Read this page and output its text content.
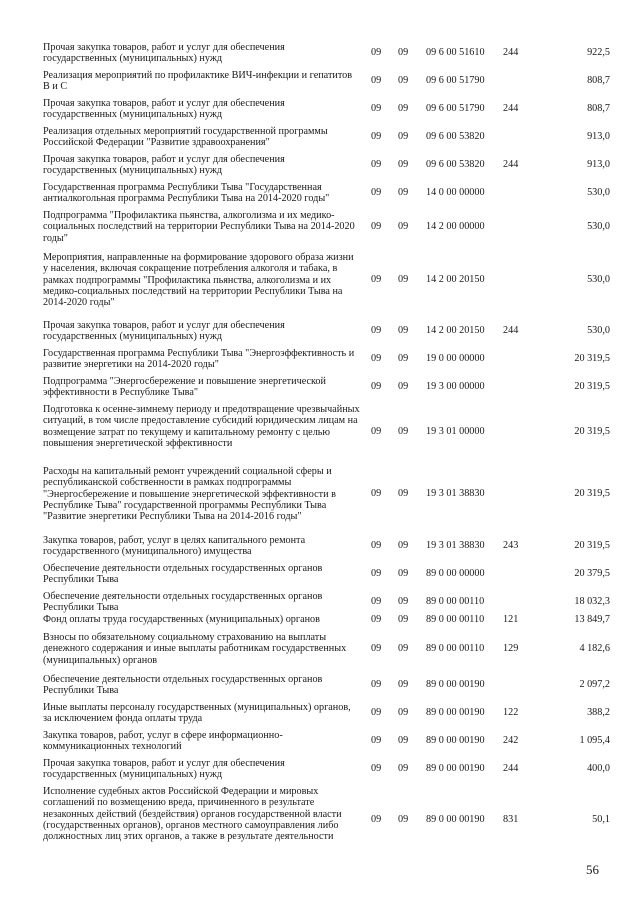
Прочая закупка товаров, работ и услуг для обеспечения государственных (муниципальных) нужд
09 09 09 6 00 51610 244	922,5
Реализация мероприятий по профилактике ВИЧ-инфекции и гепатитов В и С
09 09 09 6 00 51790	808,7
Прочая закупка товаров, работ и услуг для обеспечения государственных (муниципальных) нужд
09 09 09 6 00 51790 244	808,7
Реализация отдельных мероприятий государственной программы Российской Федерации "Развитие здравоохранения"
09 09 09 6 00 53820	913,0
Прочая закупка товаров, работ и услуг для обеспечения государственных (муниципальных) нужд
09 09 09 6 00 53820 244	913,0
Государственная программа Республики Тыва "Государственная антиалкогольная программа Республики Тыва на 2014-2020 годы"
09 09 14 0 00 00000	530,0
Подпрограмма "Профилактика пьянства, алкоголизма и их медико-социальных последствий на территории Республики Тыва на 2014-2020 годы"
09 09 14 2 00 00000	530,0
Мероприятия, направленные на формирование здорового образа жизни у населения, включая сокращение потребления алкоголя и табака, в рамках подпрограммы "Профилактика пьянства, алкоголизма и их медико-социальных последствий на территории Республики Тыва на 2014-2020 годы"
09 09 14 2 00 20150	530,0
Прочая закупка товаров, работ и услуг для обеспечения государственных (муниципальных) нужд
09 09 14 2 00 20150 244	530,0
Государственная программа Республики Тыва "Энергоэффективность и развитие энергетики на 2014-2020 годы"
09 09 19 0 00 00000	20 319,5
Подпрограмма "Энергосбережение и повышение энергетической эффективности в Республике Тыва"
09 09 19 3 00 00000	20 319,5
Подготовка к осенне-зимнему периоду и предотвращение чрезвычайных ситуаций, в том числе предоставление субсидий юридическим лицам на возмещение затрат по текущему и капитальному ремонту с целью повышения энергетической эффективности
09 09 19 3 01 00000	20 319,5
Расходы на капитальный ремонт учреждений социальной сферы и республиканской собственности в рамках подпрограммы "Энергосбережение и повышение энергетической эффективности в Республике Тыва" государственной программы Республики Тыва "Развитие энергетики Республики Тыва на 2014-2016 годы"
09 09 19 3 01 38830	20 319,5
Закупка товаров, работ, услуг в целях капитального ремонта государственного (муниципального) имущества
09 09 19 3 01 38830 243	20 319,5
Обеспечение деятельности отдельных государственных органов Республики Тыва
09 09 89 0 00 00000	20 379,5
Обеспечение деятельности отдельных государственных органов Республики Тыва
09 09 89 0 00 00110	18 032,3
Фонд оплаты труда государственных (муниципальных) органов	09 09 89 0 00 00110 121	13 849,7
Взносы по обязательному социальному страхованию на выплаты денежного содержания и иные выплаты работникам государственных (муниципальных) органов
09 09 89 0 00 00110 129	4 182,6
Обеспечение деятельности отдельных государственных органов Республики Тыва
09 09 89 0 00 00190	2 097,2
Иные выплаты персоналу государственных (муниципальных) органов, за исключением фонда оплаты труда
09 09 89 0 00 00190 122	388,2
Закупка товаров, работ, услуг в сфере информационно-коммуникационных технологий
09 09 89 0 00 00190 242	1 095,4
Прочая закупка товаров, работ и услуг для обеспечения государственных (муниципальных) нужд
09 09 89 0 00 00190 244	400,0
Исполнение судебных актов Российской Федерации и мировых соглашений по возмещению вреда, причиненного в результате незаконных действий (бездействия) органов государственной власти (государственных органов), органов местного самоуправления либо должностных лиц этих органов, а также в результате деятельности
09 09 89 0 00 00190 831	50,1
56
